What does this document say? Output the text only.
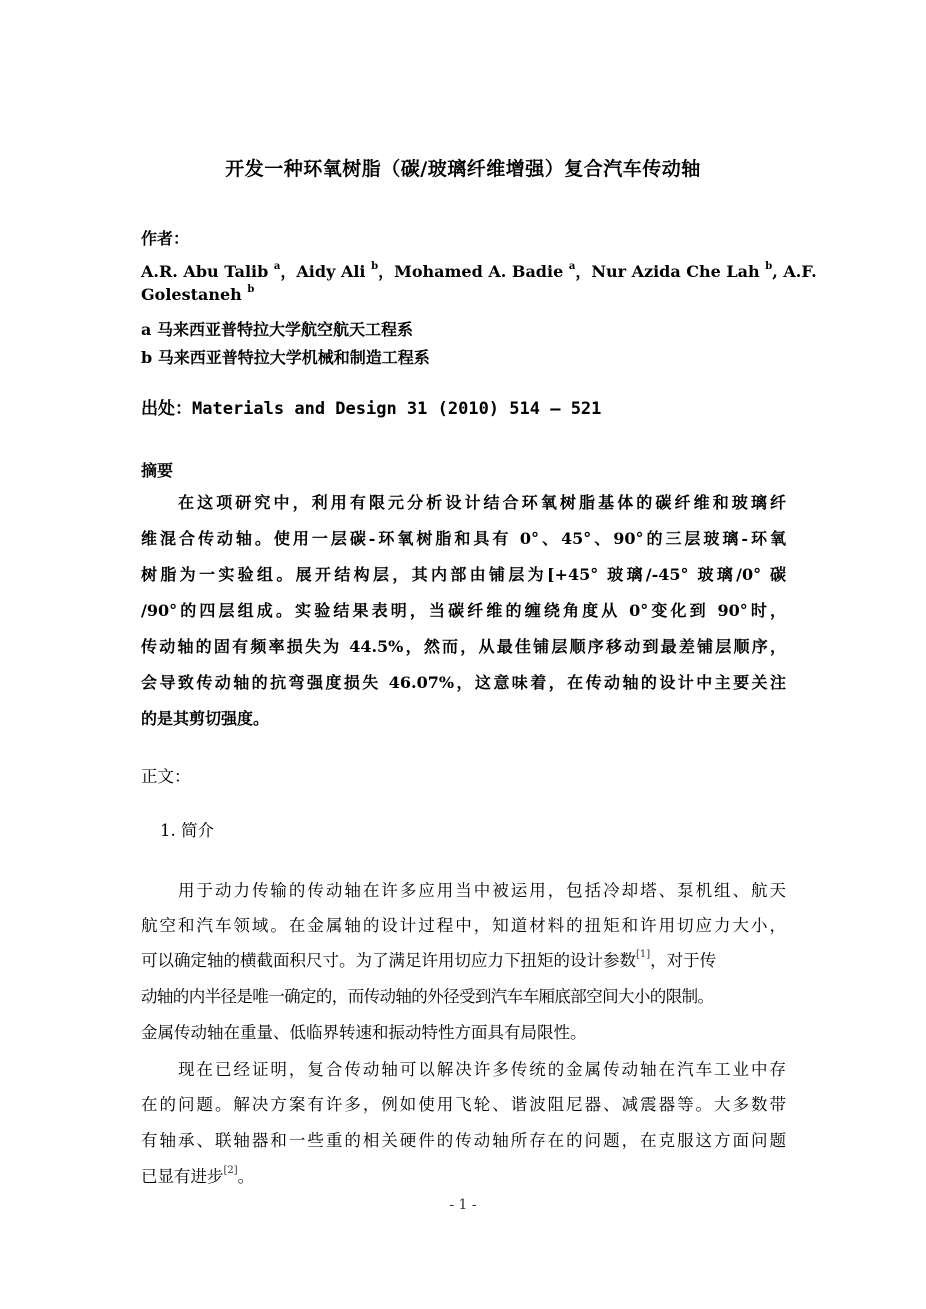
开发一种环氧树脂（碳/玻璃纤维增强）复合汽车传动轴
作者：
A.R. Abu Talib $^a$，Aidy Ali $^b$，Mohamed A. Badie $^a$，Nur Azida Che Lah $^b$, A.F.
Golestaneh $^b$
a 马来西亚普特拉大学航空航天工程系
b 马来西亚普特拉大学机械和制造工程系
出处：Materials and Design 31 (2010) 514 – 521
摘要
在这项研究中，利用有限元分析设计结合环氧树脂基体的碳纤维和玻璃纤
维混合传动轴。使用一层碳-环氧树脂和具有 0°、45°、90°的三层玻璃-环氧
树脂为一实验组。展开结构层，其内部由铺层为[+45° 玻璃/-45° 玻璃/0° 碳
/90°的四层组成。实验结果表明，当碳纤维的缠绕角度从 0°变化到 90°时，
传动轴的固有频率损失为 44.5%，然而，从最佳铺层顺序移动到最差铺层顺序，
会导致传动轴的抗弯强度损失 46.07%，这意味着，在传动轴的设计中主要关注
的是其剪切强度。
正文：
1. 简介
用于动力传输的传动轴在许多应用当中被运用，包括冷却塔、泵机组、航天
航空和汽车领域。在金属轴的设计过程中，知道材料的扭矩和许用切应力大小，
可以确定轴的横截面积尺寸。为了满足许用切应力下扭矩的设计参数[1]，对于传
动轴的内半径是唯一确定的，而传动轴的外径受到汽车车厢底部空间大小的限制。
金属传动轴在重量、低临界转速和振动特性方面具有局限性。
现在已经证明，复合传动轴可以解决许多传统的金属传动轴在汽车工业中存
在的问题。解决方案有许多，例如使用飞轮、谐波阻尼器、减震器等。大多数带
有轴承、联轴器和一些重的相关硬件的传动轴所存在的问题，在克服这方面问题
已显有进步[2]。
- 1 -
